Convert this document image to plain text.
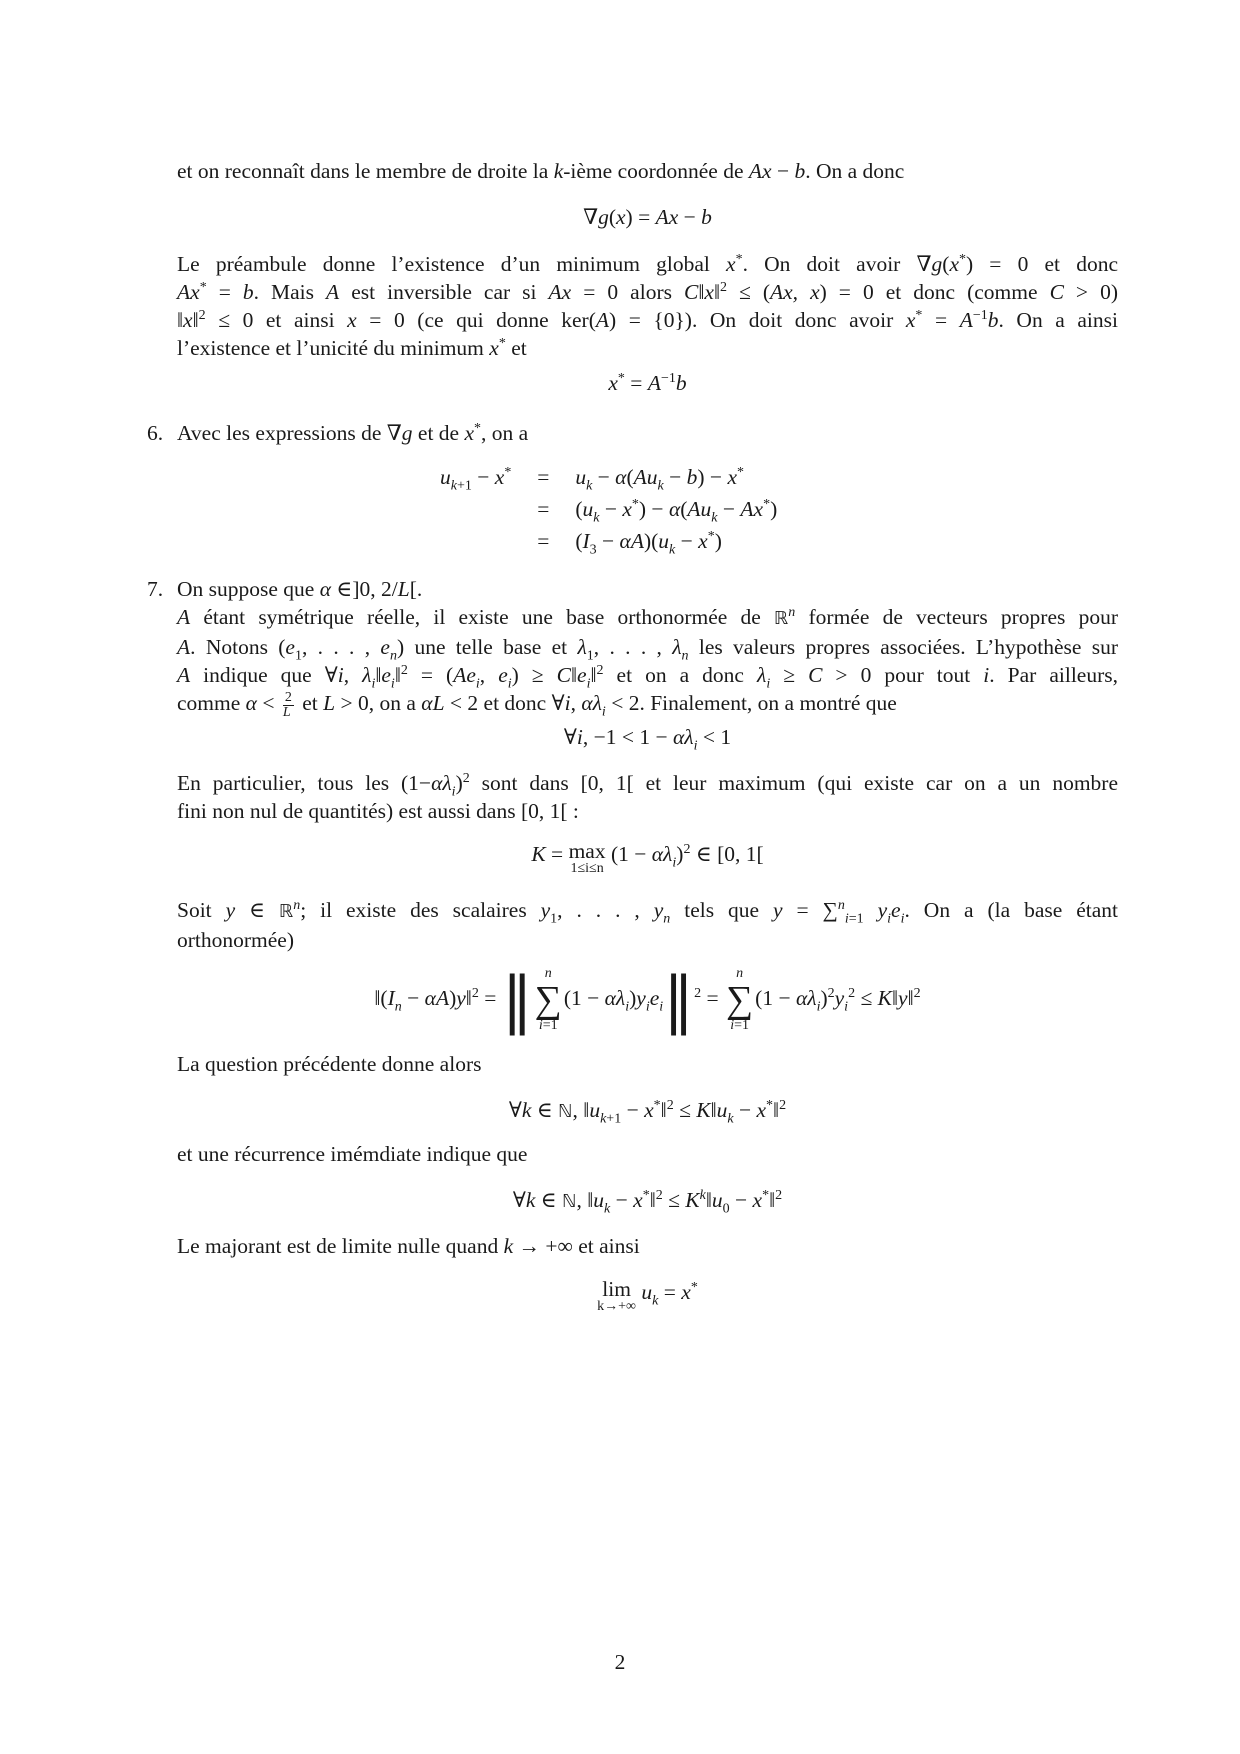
et on reconnaît dans le membre de droite la k-ième coordonnée de Ax − b. On a donc

∇g(x) = Ax − b
Le préambule donne l’existence d’un minimum global x*. On doit avoir ∇g(x*) = 0 et donc
Ax* = b. Mais A est inversible car si Ax = 0 alors C‖x‖$^2$ ≤ (Ax, x) = 0 et donc (comme C > 0)
‖x‖$^2$ ≤ 0 et ainsi x = 0 (ce qui donne ker(A) = {0}). On doit donc avoir $x^* = A^{-1}b$. On a ainsi
l’existence et l’unicité du minimum x* et
$x^* = A^{-1}b$
6. Avec les expressions de ∇g et de x*, on a

$u_{k+1} - x^*$	=	$u_k - \alpha(Au_k - b) - x^*$
	=	$(u_k - x^*) - \alpha(Au_k - Ax^*)$
	=	$(I_3 - \alpha A)(u_k - x^*)$
7. On suppose que α ∈]0, 2/L[.
A étant symétrique réelle, il existe une base orthonormée de ℝ$^n$ formée de vecteurs propres pour
A. Notons ($e_1$, . . . , $e_n$) une telle base et $\lambda_1$, . . . , $\lambda_n$ les valeurs propres associées. L’hypothèse sur
A indique que ∀i, $\lambda_i‖e_i‖^2 = (Ae_i$, $e_i$) ≥ $C‖e_i‖^2$ et on a donc $\lambda_i \ge C > 0$ pour tout i. Par ailleurs,
comme $\alpha < \frac{2}{L}$ et L > 0, on a αL < 2 et donc ∀i, $\alpha\lambda_i < 2$. Finalement, on a montré que
∀i, $-1 < 1 - \alpha\lambda_i < 1$
En particulier, tous les $(1-\alpha\lambda_i)^2$ sont dans [0, 1[ et leur maximum (qui existe car on a un nombre
fini non nul de quantités) est aussi dans [0, 1[ :
K = max
1≤i≤n
$(1 - \alpha\lambda_i)^2$ ∈ [0, 1[
Soit y ∈ ℝ$^n$; il existe des scalaires $y_1$, . . . , $y_n$ tels que y = ∑$^n_{i=1}$ $y_ie_i$. On a (la base étant
orthonormée)
$‖(I_n$ − αA)y‖$^2$ = ‖ n
∑
i=1
$(1 - \alpha\lambda_i)y_ie_i‖^2$ =
n
∑
i=1
$(1 - \alpha\lambda_i)^2y_i^2$ ≤ K‖y‖$^2$

La question précédente donne alors

∀k ∈ ℕ, $‖u_{k+1}$ − x*‖$^2$ ≤ $K‖u_k$ − x*‖$^2$

et une récurrence imémdiate indique que

∀k ∈ ℕ, $‖u_k$ − x*‖$^2$ ≤ $K^k‖u_0$ − x*‖$^2$

Le majorant est de limite nulle quand k → +∞ et ainsi

lim
k→+∞
$u_k = x^*$
2
